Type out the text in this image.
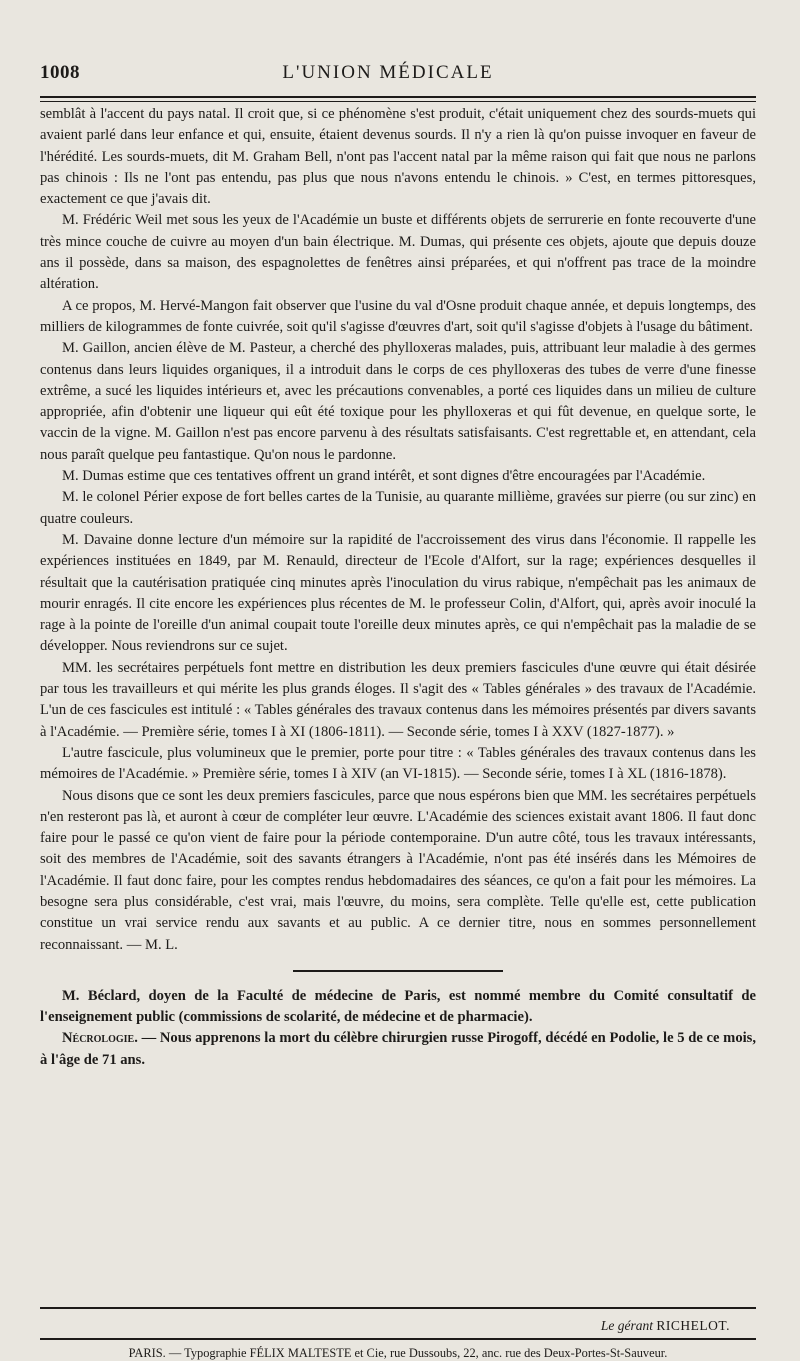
1008	L'UNION MÉDICALE

semblât à l'accent du pays natal. Il croit que, si ce phénomène s'est produit, c'était uniquement chez des sourds-muets qui avaient parlé dans leur enfance et qui, ensuite, étaient devenus sourds. Il n'y a rien là qu'on puisse invoquer en faveur de l'hérédité. Les sourds-muets, dit M. Graham Bell, n'ont pas l'accent natal par la même raison qui fait que nous ne parlons pas chinois : Ils ne l'ont pas entendu, pas plus que nous n'avons entendu le chinois. » C'est, en termes pittoresques, exactement ce que j'avais dit.

M. Frédéric Weil met sous les yeux de l'Académie un buste et différents objets de serrurerie en fonte recouverte d'une très mince couche de cuivre au moyen d'un bain électrique. M. Dumas, qui présente ces objets, ajoute que depuis douze ans il possède, dans sa maison, des espagnolettes de fenêtres ainsi préparées, et qui n'offrent pas trace de la moindre altération.

A ce propos, M. Hervé-Mangon fait observer que l'usine du val d'Osne produit chaque année, et depuis longtemps, des milliers de kilogrammes de fonte cuivrée, soit qu'il s'agisse d'œuvres d'art, soit qu'il s'agisse d'objets à l'usage du bâtiment.

M. Gaillon, ancien élève de M. Pasteur, a cherché des phylloxeras malades, puis, attribuant leur maladie à des germes contenus dans leurs liquides organiques, il a introduit dans le corps de ces phylloxeras des tubes de verre d'une finesse extrême, a sucé les liquides intérieurs et, avec les précautions convenables, a porté ces liquides dans un milieu de culture appropriée, afin d'obtenir une liqueur qui eût été toxique pour les phylloxeras et qui fût devenue, en quelque sorte, le vaccin de la vigne. M. Gaillon n'est pas encore parvenu à des résultats satisfaisants. C'est regrettable et, en attendant, cela nous paraît quelque peu fantastique. Qu'on nous le pardonne.

M. Dumas estime que ces tentatives offrent un grand intérêt, et sont dignes d'être encouragées par l'Académie.

M. le colonel Périer expose de fort belles cartes de la Tunisie, au quarante millième, gravées sur pierre (ou sur zinc) en quatre couleurs.

M. Davaine donne lecture d'un mémoire sur la rapidité de l'accroissement des virus dans l'économie. Il rappelle les expériences instituées en 1849, par M. Renauld, directeur de l'Ecole d'Alfort, sur la rage; expériences desquelles il résultait que la cautérisation pratiquée cinq minutes après l'inoculation du virus rabique, n'empêchait pas les animaux de mourir enragés. Il cite encore les expériences plus récentes de M. le professeur Colin, d'Alfort, qui, après avoir inoculé la rage à la pointe de l'oreille d'un animal coupait toute l'oreille deux minutes après, ce qui n'empêchait pas la maladie de se développer. Nous reviendrons sur ce sujet.

MM. les secrétaires perpétuels font mettre en distribution les deux premiers fascicules d'une œuvre qui était désirée par tous les travailleurs et qui mérite les plus grands éloges. Il s'agit des « Tables générales » des travaux de l'Académie. L'un de ces fascicules est intitulé : « Tables générales des travaux contenus dans les mémoires présentés par divers savants à l'Académie. — Première série, tomes I à XI (1806-1811). — Seconde série, tomes I à XXV (1827-1877). »

L'autre fascicule, plus volumineux que le premier, porte pour titre : « Tables générales des travaux contenus dans les mémoires de l'Académie. » Première série, tomes I à XIV (an VI-1815). — Seconde série, tomes I à XL (1816-1878).

Nous disons que ce sont les deux premiers fascicules, parce que nous espérons bien que MM. les secrétaires perpétuels n'en resteront pas là, et auront à cœur de compléter leur œuvre. L'Académie des sciences existait avant 1806. Il faut donc faire pour le passé ce qu'on vient de faire pour la période contemporaine. D'un autre côté, tous les travaux intéressants, soit des membres de l'Académie, soit des savants étrangers à l'Académie, n'ont pas été insérés dans les Mémoires de l'Académie. Il faut donc faire, pour les comptes rendus hebdomadaires des séances, ce qu'on a fait pour les mémoires. La besogne sera plus considérable, c'est vrai, mais l'œuvre, du moins, sera complète. Telle qu'elle est, cette publication constitue un vrai service rendu aux savants et au public. A ce dernier titre, nous en sommes personnellement reconnaissant. — M. L.

M. Béclard, doyen de la Faculté de médecine de Paris, est nommé membre du Comité consultatif de l'enseignement public (commissions de scolarité, de médecine et de pharmacie).

Nécrologie. — Nous apprenons la mort du célèbre chirurgien russe Pirogoff, décédé en Podolie, le 5 de ce mois, à l'âge de 71 ans.

Le gérant RICHELOT.
PARIS. — Typographie FÉLIX MALTESTE et Cie, rue Dussoubs, 22, anc. rue des Deux-Portes-St-Sauveur.
